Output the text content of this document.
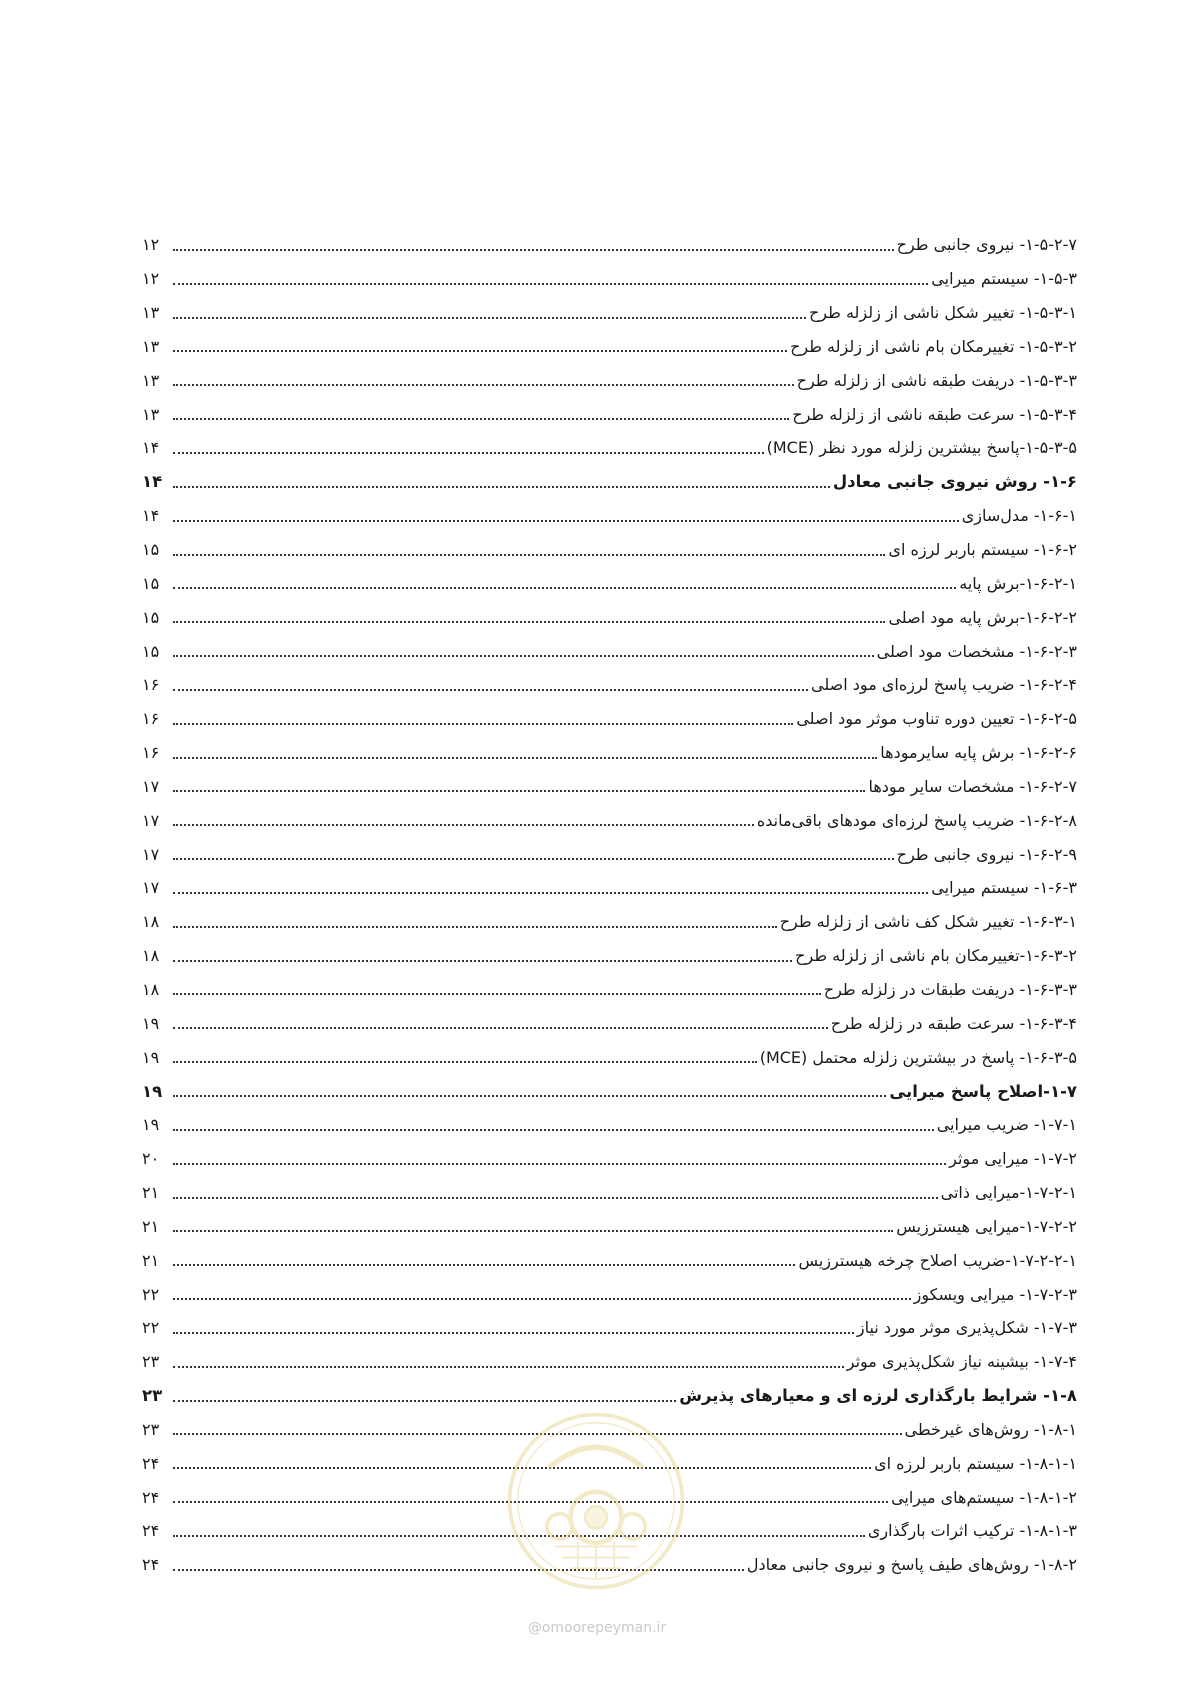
۱-۵-۲-۷- نیروی جانبی طرح
۱۲
۱-۵-۳- سیستم میرایی
۱۲
۱-۵-۳-۱- تغییر شکل ناشی از زلزله طرح
۱۳
۱-۵-۳-۲- تغییرمکان بام ناشی از زلزله طرح
۱۳
۱-۵-۳-۳- دریفت طبقه ناشی از زلزله طرح
۱۳
۱-۵-۳-۴- سرعت طبقه ناشی از زلزله طرح
۱۳
۱-۵-۳-۵-پاسخ بیشترین زلزله مورد نظر (MCE)
۱۴
۱-۶- روش نیروی جانبی معادل
۱۴
۱-۶-۱- مدل‌سازی
۱۴
۱-۶-۲- سیستم باربر لرزه ای
۱۵
۱-۶-۲-۱-برش پایه
۱۵
۱-۶-۲-۲-برش پایه مود اصلی
۱۵
۱-۶-۲-۳- مشخصات مود اصلی
۱۵
۱-۶-۲-۴- ضریب پاسخ لرزه‌ای مود اصلی
۱۶
۱-۶-۲-۵- تعیین دوره تناوب موثر مود اصلی
۱۶
۱-۶-۲-۶- برش پایه سایرمودها
۱۶
۱-۶-۲-۷- مشخصات سایر مودها
۱۷
۱-۶-۲-۸- ضریب پاسخ لرزه‌ای مودهای باقی‌مانده
۱۷
۱-۶-۲-۹- نیروی جانبی طرح
۱۷
۱-۶-۳- سیستم میرایی
۱۷
۱-۶-۳-۱- تغییر شکل کف ناشی از زلزله طرح
۱۸
۱-۶-۳-۲-تغییرمکان بام ناشی از زلزله طرح
۱۸
۱-۶-۳-۳- دریفت طبقات در زلزله طرح
۱۸
۱-۶-۳-۴- سرعت طبقه در زلزله طرح
۱۹
۱-۶-۳-۵- پاسخ در بیشترین زلزله محتمل (MCE)
۱۹
۱-۷-اصلاح پاسخ میرایی
۱۹
۱-۷-۱- ضریب میرایی
۱۹
۱-۷-۲- میرایی موثر
۲۰
۱-۷-۲-۱-میرایی ذاتی
۲۱
۱-۷-۲-۲-میرایی هیسترزیس
۲۱
۱-۷-۲-۲-۱-ضریب اصلاح چرخه هیسترزیس
۲۱
۱-۷-۲-۳- میرایی ویسکوز
۲۲
۱-۷-۳- شکل‌پذیری موثر مورد نیاز
۲۲
۱-۷-۴- بیشینه نیاز شکل‌پذیری موثر
۲۳
۱-۸- شرایط بارگذاری لرزه ای و معیارهای پذیرش
۲۳
۱-۸-۱- روش‌های غیرخطی
۲۳
۱-۸-۱-۱- سیستم باربر لرزه ای
۲۴
۱-۸-۱-۲- سیستم‌های میرایی
۲۴
۱-۸-۱-۳- ترکیب اثرات بارگذاری
۲۴
۱-۸-۲- روش‌های طیف پاسخ و نیروی جانبی معادل
۲۴
@omoorepeyman.ir
